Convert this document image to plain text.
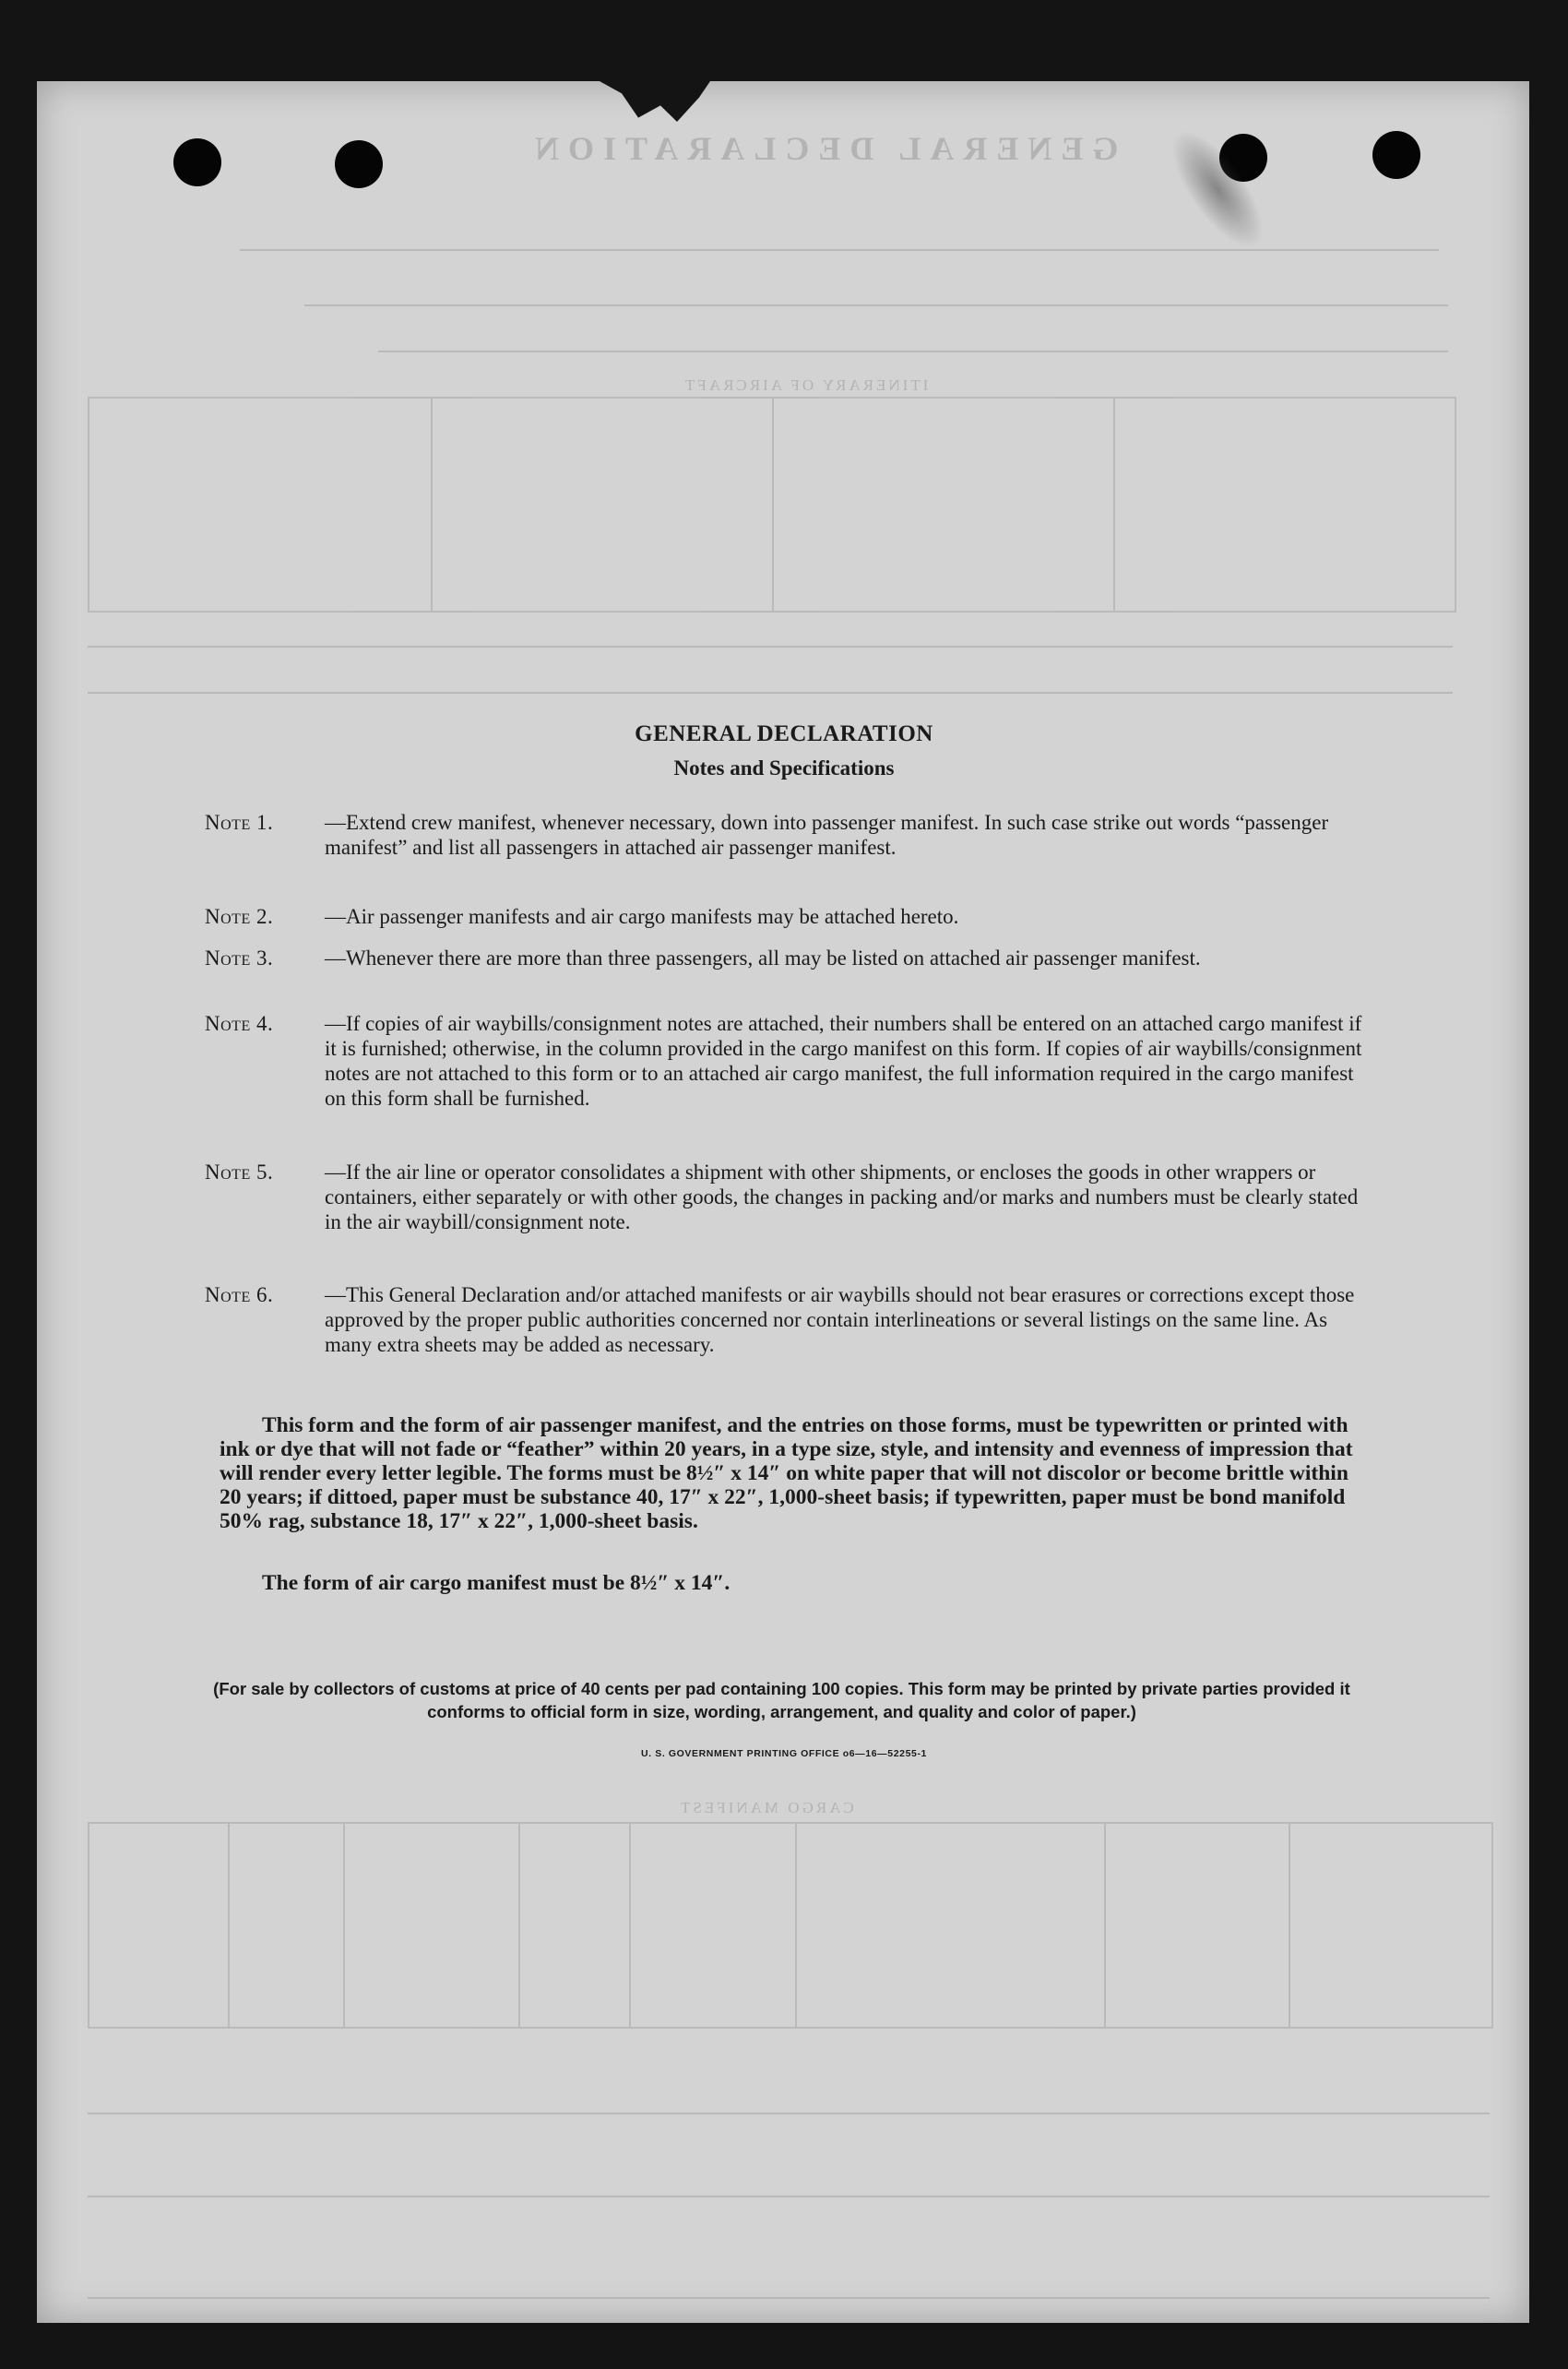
GENERAL DECLARATION
ITINERARY OF AIRCRAFT
CARGO MANIFEST
GENERAL DECLARATION
Notes and Specifications
Note 1.	—Extend crew manifest, whenever necessary, down into passenger manifest. In such case strike out words “passenger manifest” and list all passengers in attached air passenger manifest.
Note 2.	—Air passenger manifests and air cargo manifests may be attached hereto.
Note 3.	—Whenever there are more than three passengers, all may be listed on attached air passenger manifest.
Note 4.	—If copies of air waybills/consignment notes are attached, their numbers shall be entered on an attached cargo manifest if it is furnished; otherwise, in the column provided in the cargo manifest on this form. If copies of air waybills/consignment notes are not attached to this form or to an attached air cargo manifest, the full information required in the cargo manifest on this form shall be furnished.
Note 5.	—If the air line or operator consolidates a shipment with other shipments, or encloses the goods in other wrappers or containers, either separately or with other goods, the changes in packing and/or marks and numbers must be clearly stated in the air waybill/consignment note.
Note 6.	—This General Declaration and/or attached manifests or air waybills should not bear erasures or corrections except those approved by the proper public authorities concerned nor contain interlineations or several listings on the same line. As many extra sheets may be added as necessary.
This form and the form of air passenger manifest, and the entries on those forms, must be typewritten or printed with ink or dye that will not fade or “feather” within 20 years, in a type size, style, and intensity and evenness of impression that will render every letter legible. The forms must be 8½″ x 14″ on white paper that will not discolor or become brittle within 20 years; if dittoed, paper must be substance 40, 17″ x 22″, 1,000-sheet basis; if typewritten, paper must be bond manifold 50% rag, substance 18, 17″ x 22″, 1,000-sheet basis.
The form of air cargo manifest must be 8½″ x 14″.
(For sale by collectors of customs at price of 40 cents per pad containing 100 copies. This form may be printed by private parties provided it conforms to official form in size, wording, arrangement, and quality and color of paper.)
U. S. GOVERNMENT PRINTING OFFICE o6—16—52255-1
